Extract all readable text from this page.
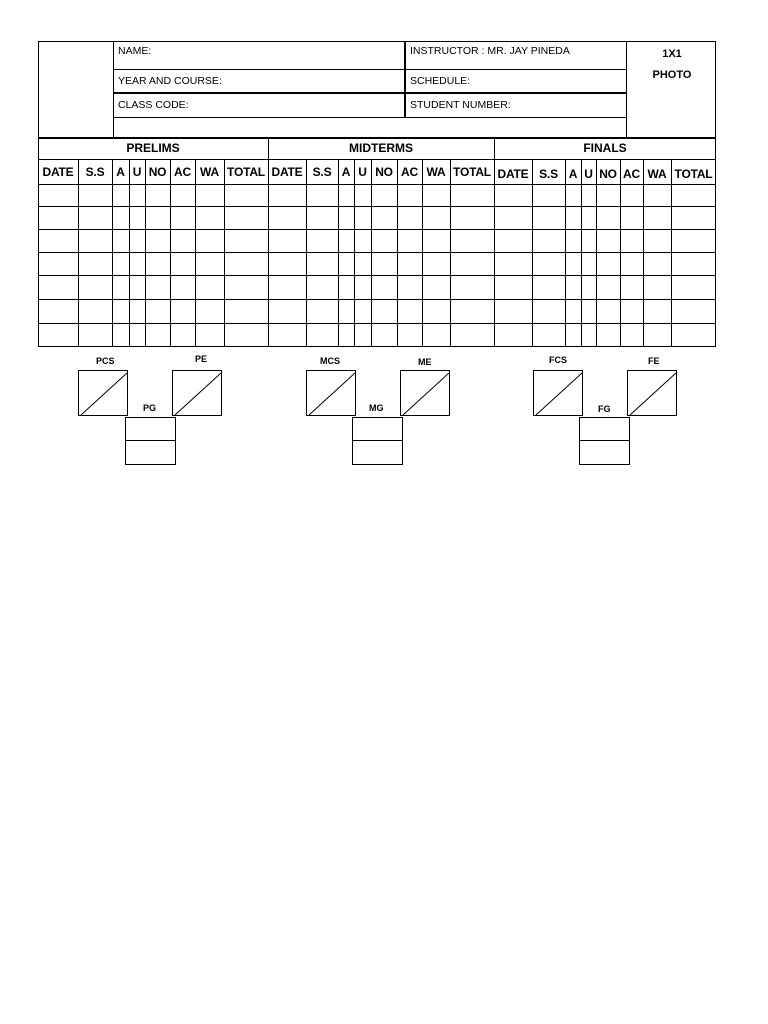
NAME:
YEAR AND COURSE:
CLASS CODE:
INSTRUCTOR : MR. JAY PINEDA
SCHEDULE:
STUDENT NUMBER:
1X1
PHOTO
PRELIMS	MIDTERMS	FINALS
DATE	S.S A U NO AC WA TOTAL DATE S.S A U NO AC WA TOTAL DATE S.S A U NO AC WA TOTAL
PCS	PE
PG
MCS	ME
MG
FCS	FE
FG
